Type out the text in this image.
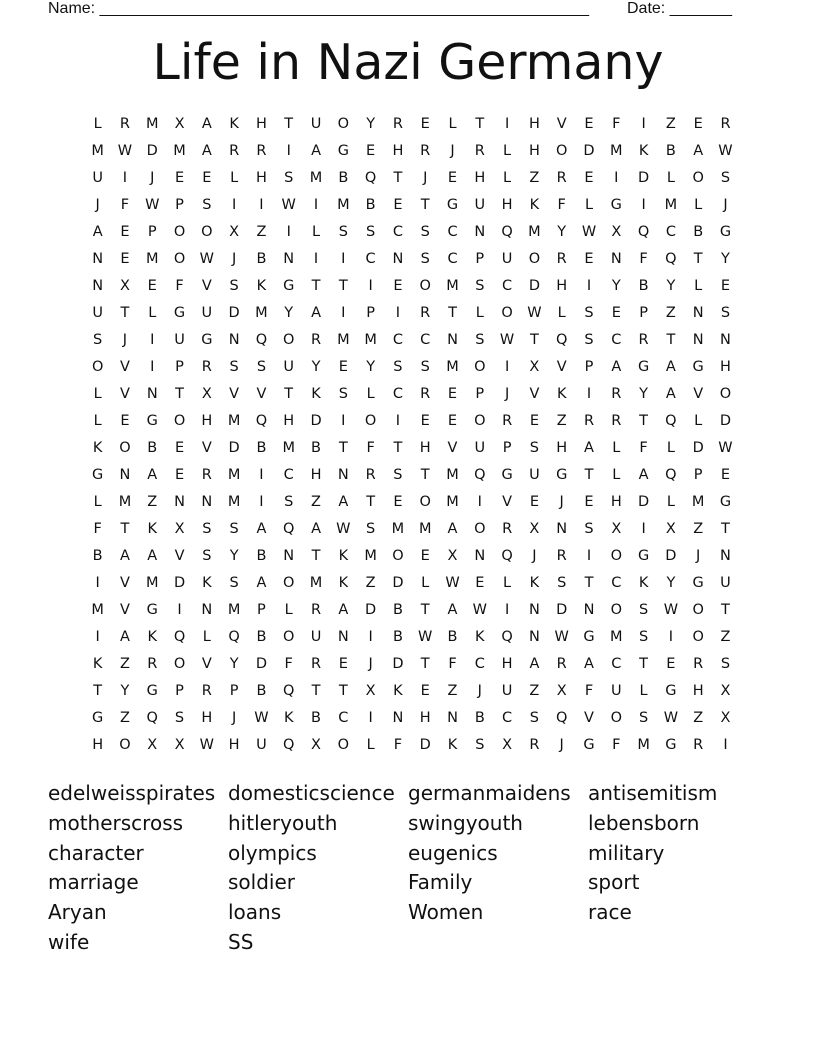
Name: _______________________________________________________ Date: _______
Life in Nazi Germany
L	R	M	X	A	K	H	T	U	O	Y	R	E	L	T	I	H	V	E	F	I	Z	E	R
M W	D	M	A	R	R	I	A	G	E	H	R	J	R	L	H	O	D	M	K	B	A	W
U	I	J	E	E	L	H	S	M	B	Q	T	J	E	H	L	Z	R	E	I	D	L	O	S
J	F	W	P	S	I	I	W	I	M	B	E	T	G	U	H	K	F	L	G	I	M	L	J
A	E	P	O	O	X	Z	I	L	S	S	C	S	C	N	Q	M	Y	W	X	Q	C	B	G
N	E	M	O W	J	B	N	I	I	C	N	S	C	P	U	O	R	E	N	F	Q	T	Y
N	X	E	F	V	S	K	G	T	T	I	E	O	M	S	C	D	H	I	Y	B	Y	L	E
U	T	L	G	U	D	M	Y	A	I	P	I	R	T	L	O W	L	S	E	P	Z	N	S
S	J	I	U	G	N	Q	O	R	M	M	C	C	N	S	W	T	Q	S	C	R	T	N	N
O	V	I	P	R	S	S	U	Y	E	Y	S	S	M	O	I	X	V	P	A	G	A	G	H
L	V	N	T	X	V	V	T	K	S	L	C	R	E	P	J	V	K	I	R	Y	A	V	O
L	E	G	O	H	M	Q	H	D	I	O	I	E	E	O	R	E	Z	R	R	T	Q	L	D
K	O	B	E	V	D	B	M	B	T	F	T	H	V	U	P	S	H	A	L	F	L	D	W
G	N	A	E	R	M	I	C	H	N	R	S	T	M	Q	G	U	G	T	L	A	Q	P	E
L	M	Z	N	N	M	I	S	Z	A	T	E	O	M	I	V	E	J	E	H	D	L	M	G
F	T	K	X	S	S	A	Q	A	W	S	M	M	A	O	R	X	N	S	X	I	X	Z	T
B	A	A	V	S	Y	B	N	T	K	M	O	E	X	N	Q	J	R	I	O	G	D	J	N
I	V	M	D	K	S	A	O	M	K	Z	D	L	W	E	L	K	S	T	C	K	Y	G	U
M	V	G	I	N	M	P	L	R	A	D	B	T	A	W	I	N	D	N	O	S	W O	T
I	A	K	Q	L	Q	B	O	U	N	I	B	W	B	K	Q	N	W	G	M	S	I	O	Z
K	Z	R	O	V	Y	D	F	R	E	J	D	T	F	C	H	A	R	A	C	T	E	R	S
T	Y	G	P	R	P	B	Q	T	T	X	K	E	Z	J	U	Z	X	F	U	L	G	H	X
G	Z	Q	S	H	J	W	K	B	C	I	N	H	N	B	C	S	Q	V	O	S	W	Z	X
H	O	X	X	W	H	U	Q	X	O	L	F	D	K	S	X	R	J	G	F	M	G	R	I
edelweisspirates
motherscross
character
marriage
Aryan
wife
domesticscience
hitleryouth
olympics
soldier
loans
SS
germanmaidens
swingyouth
eugenics
Family
Women
antisemitism
lebensborn
military
sport
race
